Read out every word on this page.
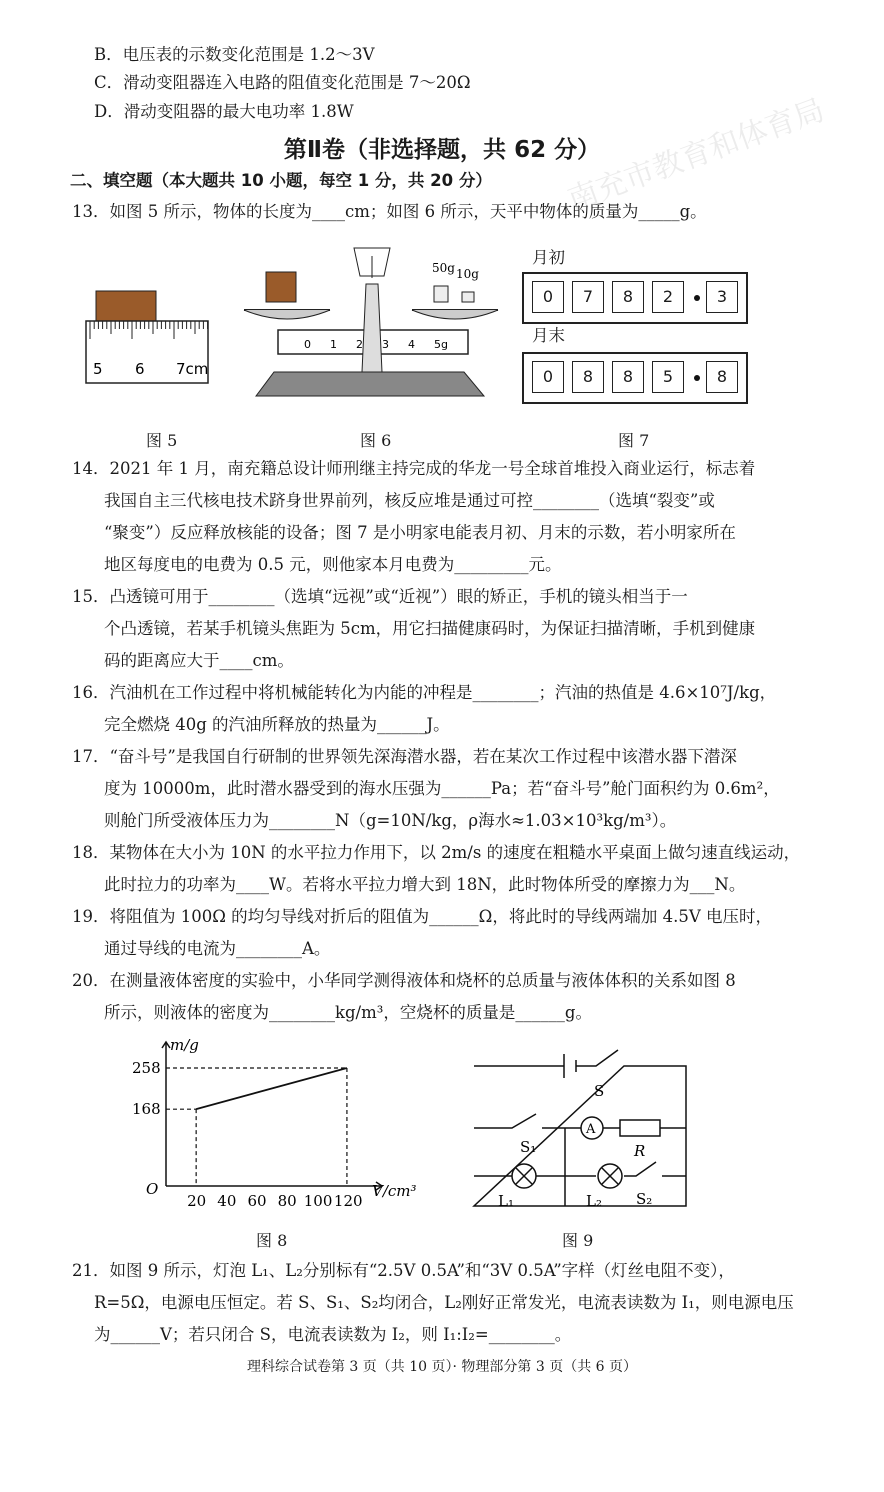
B．电压表的示数变化范围是 1.2～3V
C．滑动变阻器连入电路的阻值变化范围是 7～20Ω
D．滑动变阻器的最大电功率 1.8W
第Ⅱ卷（非选择题，共 62 分）
二、填空题（本大题共 10 小题，每空 1 分，共 20 分）
13．如图 5 所示，物体的长度为____cm；如图 6 所示，天平中物体的质量为_____g。
5 6 7cm
图 5
50g 10g
0 1 2 3 4 5g
图 6
月初
0	7	8	2	3
月末
0	8	8	5	8
图 7
14．2021 年 1 月，南充籍总设计师刑继主持完成的华龙一号全球首堆投入商业运行，标志着
我国自主三代核电技术跻身世界前列，核反应堆是通过可控________（选填“裂变”或
“聚变”）反应释放核能的设备；图 7 是小明家电能表月初、月末的示数，若小明家所在
地区每度电的电费为 0.5 元，则他家本月电费为_________元。
15．凸透镜可用于________（选填“远视”或“近视”）眼的矫正，手机的镜头相当于一
个凸透镜，若某手机镜头焦距为 5cm，用它扫描健康码时，为保证扫描清晰，手机到健康
码的距离应大于____cm。
16．汽油机在工作过程中将机械能转化为内能的冲程是________；汽油的热值是 4.6×10⁷J/kg，
完全燃烧 40g 的汽油所释放的热量为______J。
17．“奋斗号”是我国自行研制的世界领先深海潜水器，若在某次工作过程中该潜水器下潜深
度为 10000m，此时潜水器受到的海水压强为______Pa；若“奋斗号”舱门面积约为 0.6m²，
则舱门所受液体压力为________N（g=10N/kg，ρ海水≈1.03×10³kg/m³）。
18．某物体在大小为 10N 的水平拉力作用下，以 2m/s 的速度在粗糙水平桌面上做匀速直线运动，
此时拉力的功率为____W。若将水平拉力增大到 18N，此时物体所受的摩擦力为___N。
19．将阻值为 100Ω 的均匀导线对折后的阻值为______Ω，将此时的导线两端加 4.5V 电压时，
通过导线的电流为________A。
20．在测量液体密度的实验中，小华同学测得液体和烧杯的总质量与液体体积的关系如图 8
所示，则液体的密度为________kg/m³，空烧杯的质量是______g。
168
258
20 40 60 80 100 120
m/g
V/cm³
O
图 8
S
S₁
A
R
L₁	L₂ S₂
图 9
21．如图 9 所示，灯泡 L₁、L₂分别标有“2.5V 0.5A”和“3V 0.5A”字样（灯丝电阻不变），
R=5Ω，电源电压恒定。若 S、S₁、S₂均闭合，L₂刚好正常发光，电流表读数为 I₁，则电源电压
为______V；若只闭合 S，电流表读数为 I₂，则 I₁:I₂=________。
理科综合试卷第 3 页（共 10 页）· 物理部分第 3 页（共 6 页）
南充市教育和体育局
